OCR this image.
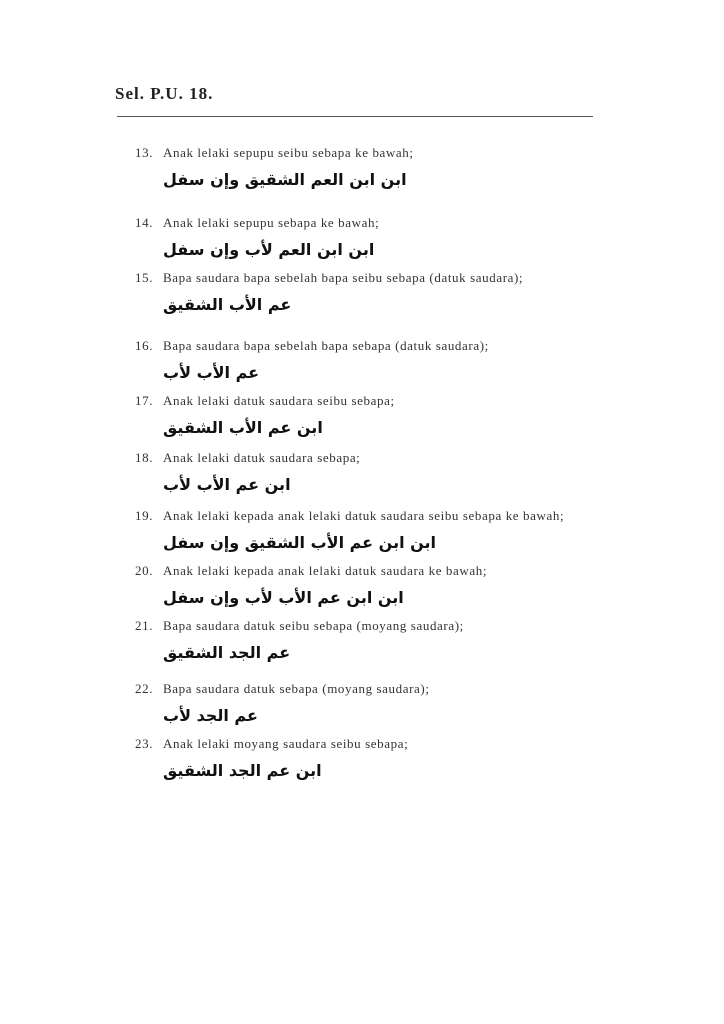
Sel. P.U. 18.
13. Anak lelaki sepupu seibu sebapa ke bawah;
ابن ابن العم الشقيق وإن سفل
14. Anak lelaki sepupu sebapa ke bawah;
ابن ابن العم لأب وإن سفل
15. Bapa saudara bapa sebelah bapa seibu sebapa (datuk saudara);
عم الأب الشقيق
16. Bapa saudara bapa sebelah bapa sebapa (datuk saudara);
عم الأب لأب
17. Anak lelaki datuk saudara seibu sebapa;
ابن عم الأب الشقيق
18. Anak lelaki datuk saudara sebapa;
ابن عم الأب لأب
19. Anak lelaki kepada anak lelaki datuk saudara seibu sebapa ke bawah;
ابن ابن عم الأب الشقيق وإن سفل
20. Anak lelaki kepada anak lelaki datuk saudara ke bawah;
ابن ابن عم الأب لأب وإن سفل
21. Bapa saudara datuk seibu sebapa (moyang saudara);
عم الجد الشقيق
22. Bapa saudara datuk sebapa (moyang saudara);
عم الجد لأب
23. Anak lelaki moyang saudara seibu sebapa;
ابن عم الجد الشقيق
